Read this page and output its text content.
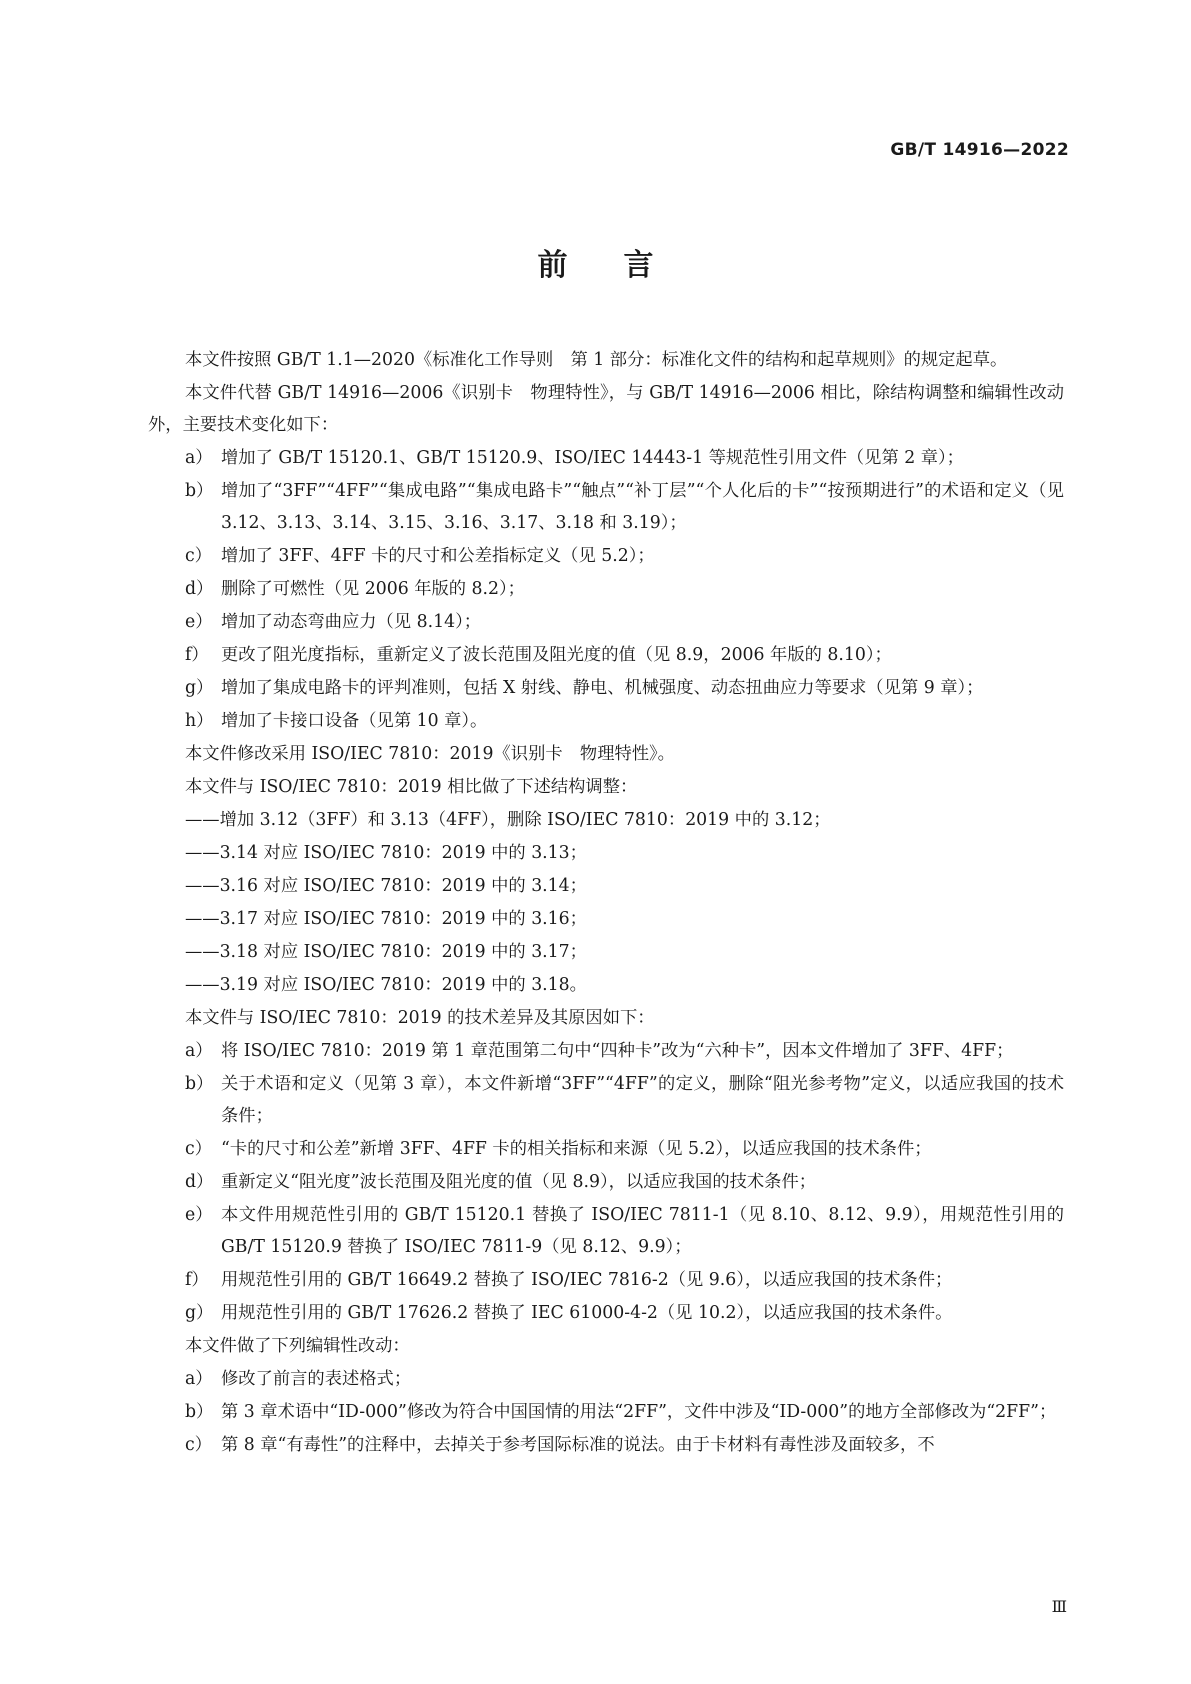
GB/T 14916—2022
前言
本文件按照 GB/T 1.1—2020《标准化工作导则　第 1 部分：标准化文件的结构和起草规则》的规定起草。
本文件代替 GB/T 14916—2006《识别卡　物理特性》，与 GB/T 14916—2006 相比，除结构调整和编辑性改动外，主要技术变化如下：
a） 增加了 GB/T 15120.1、GB/T 15120.9、ISO/IEC 14443-1 等规范性引用文件（见第 2 章）；
b） 增加了“3FF”“4FF”“集成电路”“集成电路卡”“触点”“补丁层”“个人化后的卡”“按预期进行”的术语和定义（见 3.12、3.13、3.14、3.15、3.16、3.17、3.18 和 3.19）；
c） 增加了 3FF、4FF 卡的尺寸和公差指标定义（见 5.2）；
d） 删除了可燃性（见 2006 年版的 8.2）；
e） 增加了动态弯曲应力（见 8.14）；
f） 更改了阻光度指标，重新定义了波长范围及阻光度的值（见 8.9，2006 年版的 8.10）；
g） 增加了集成电路卡的评判准则，包括 X 射线、静电、机械强度、动态扭曲应力等要求（见第 9 章）；
h） 增加了卡接口设备（见第 10 章）。
本文件修改采用 ISO/IEC 7810：2019《识别卡　物理特性》。
本文件与 ISO/IEC 7810：2019 相比做了下述结构调整：
——增加 3.12（3FF）和 3.13（4FF），删除 ISO/IEC 7810：2019 中的 3.12；
——3.14 对应 ISO/IEC 7810：2019 中的 3.13；
——3.16 对应 ISO/IEC 7810：2019 中的 3.14；
——3.17 对应 ISO/IEC 7810：2019 中的 3.16；
——3.18 对应 ISO/IEC 7810：2019 中的 3.17；
——3.19 对应 ISO/IEC 7810：2019 中的 3.18。
本文件与 ISO/IEC 7810：2019 的技术差异及其原因如下：
a） 将 ISO/IEC 7810：2019 第 1 章范围第二句中“四种卡”改为“六种卡”，因本文件增加了 3FF、4FF；
b） 关于术语和定义（见第 3 章），本文件新增“3FF”“4FF”的定义，删除“阻光参考物”定义，以适应我国的技术条件；
c） “卡的尺寸和公差”新增 3FF、4FF 卡的相关指标和来源（见 5.2），以适应我国的技术条件；
d） 重新定义“阻光度”波长范围及阻光度的值（见 8.9），以适应我国的技术条件；
e） 本文件用规范性引用的 GB/T 15120.1 替换了 ISO/IEC 7811-1（见 8.10、8.12、9.9），用规范性引用的 GB/T 15120.9 替换了 ISO/IEC 7811-9（见 8.12、9.9）；
f） 用规范性引用的 GB/T 16649.2 替换了 ISO/IEC 7816-2（见 9.6），以适应我国的技术条件；
g） 用规范性引用的 GB/T 17626.2 替换了 IEC 61000-4-2（见 10.2），以适应我国的技术条件。
本文件做了下列编辑性改动：
a） 修改了前言的表述格式；
b） 第 3 章术语中“ID-000”修改为符合中国国情的用法“2FF”，文件中涉及“ID-000”的地方全部修改为“2FF”；
c） 第 8 章“有毒性”的注释中，去掉关于参考国际标准的说法。由于卡材料有毒性涉及面较多，不
Ⅲ
